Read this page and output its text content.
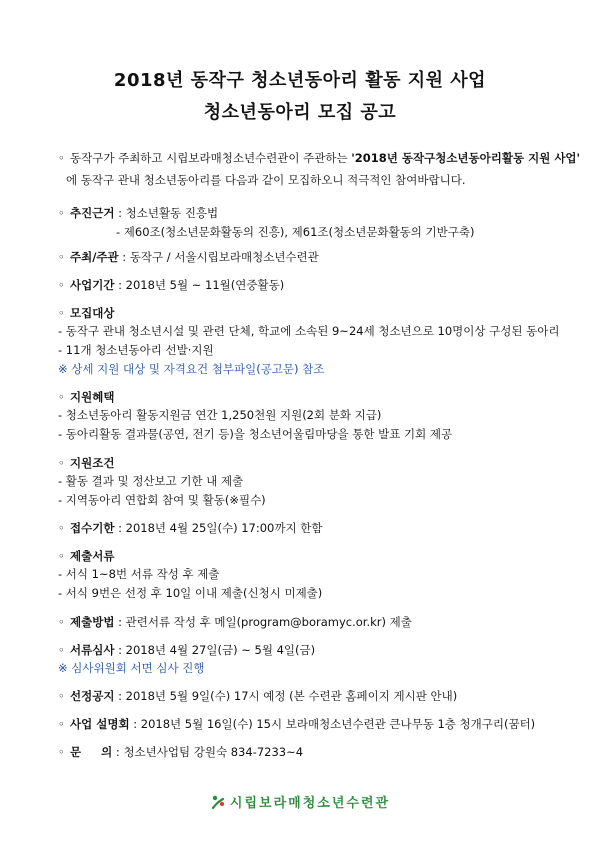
2018년 동작구 청소년동아리 활동 지원 사업
청소년동아리 모집 공고
◦ 동작구가 주최하고 시립보라매청소년수련관이 주관하는 '2018년 동작구청소년동아리활동 지원 사업'
에 동작구 관내 청소년동아리를 다음과 같이 모집하오니 적극적인 참여바랍니다.
◦ 추진근거 : 청소년활동 진흥법
- 제60조(청소년문화활동의 진흥), 제61조(청소년문화활동의 기반구축)
◦ 주최/주관 : 동작구 / 서울시립보라매청소년수련관
◦ 사업기간 : 2018년 5월 ~ 11월(연중활동)
◦ 모집대상
- 동작구 관내 청소년시설 및 관련 단체, 학교에 소속된 9~24세 청소년으로 10명이상 구성된 동아리
- 11개 청소년동아리 선발·지원
※ 상세 지원 대상 및 자격요건 첨부파일(공고문) 참조
◦ 지원혜택
- 청소년동아리 활동지원금 연간 1,250천원 지원(2회 분화 지급)
- 동아리활동 결과물(공연, 전기 등)을 청소년어울림마당을 통한 발표 기회 제공
◦ 지원조건
- 활동 결과 및 정산보고 기한 내 제출
- 지역동아리 연합회 참여 및 활동(※필수)
◦ 접수기한 : 2018년 4월 25일(수) 17:00까지 한함
◦ 제출서류
- 서식 1~8번 서류 작성 후 제출
- 서식 9번은 선정 후 10일 이내 제출(신청시 미제출)
◦ 제출방법 : 관련서류 작성 후 메일(program@boramyc.or.kr) 제출
◦ 서류심사 : 2018년 4월 27일(금) ~ 5월 4일(금)
※ 심사위원회 서면 심사 진행
◦ 선정공지 : 2018년 5월 9일(수) 17시 예정 (본 수련관 홈페이지 게시판 안내)
◦ 사업 설명회 : 2018년 5월 16일(수) 15시 보라매청소년수련관 큰나무동 1층 청개구리(꿈터)
◦ 문     의 : 청소년사업팀 강원숙 834-7233~4
시립보라매청소년수련관
